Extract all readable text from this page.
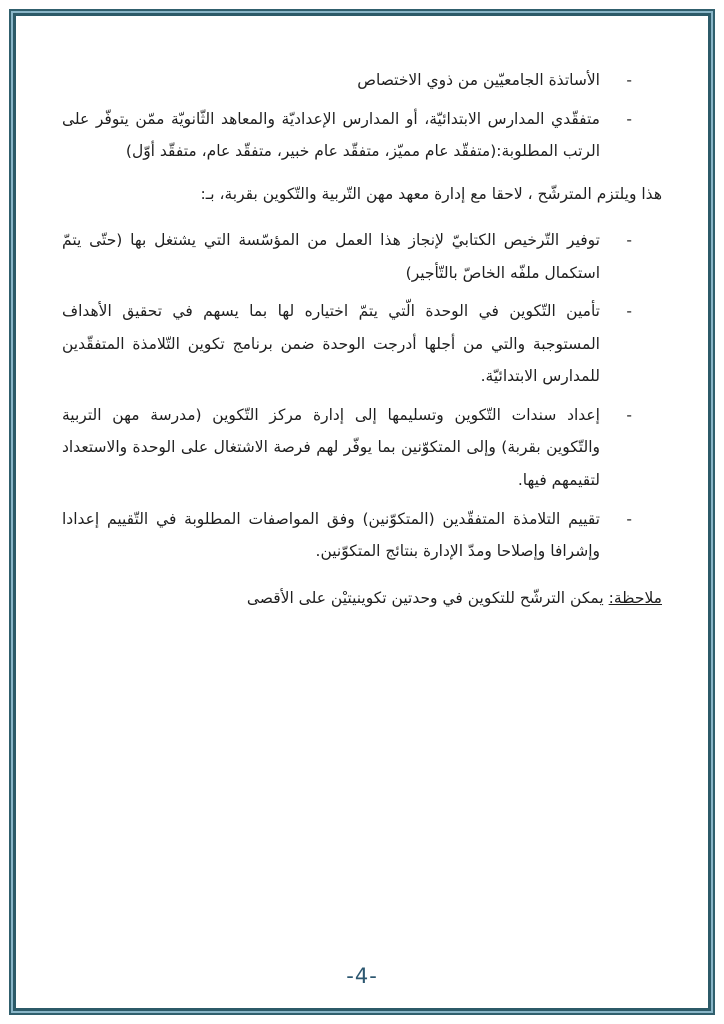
-
الأساتذة الجامعيّين من ذوي الاختصاص
-
متفقّدي المدارس الابتدائيّة، أو المدارس الإعداديّة والمعاهد الثّانويّة ممّن يتوفّر على الرتب المطلوبة:(متفقّد عام مميّز، متفقّد عام خبير، متفقّد عام، متفقّد أوّل)

هذا ويلتزم المترشّح ، لاحقا مع إدارة معهد مهن التّربية والتّكوين بقربة، بـ:

-
توفير التّرخيص الكتابيّ لإنجاز هذا العمل من المؤسّسة التي يشتغل بها (حتّى يتمّ استكمال ملفّه الخاصّ بالتّأجير)
-
تأمين التّكوين في الوحدة الّتي يتمّ اختياره لها بما يسهم في تحقيق الأهداف المستوجبة والتي من أجلها أدرجت الوحدة ضمن برنامج تكوين التّلامذة المتفقّدين للمدارس الابتدائيّة.
-
إعداد سندات التّكوين وتسليمها إلى إدارة مركز التّكوين (مدرسة مهن التربية والتّكوين بقربة) وإلى المتكوّنين بما يوفّر لهم فرصة الاشتغال على الوحدة والاستعداد لتقيمهم فيها.
-
تقييم التلامذة المتفقّدين (المتكوّنين) وفق المواصفات المطلوبة في التّقييم إعدادا وإشرافا وإصلاحا ومدّ الإدارة بنتائج المتكوّنين.

ملاحظة: يمكن الترشّح للتكوين في وحدتين تكوينيتيْن على الأقصى

-4-
